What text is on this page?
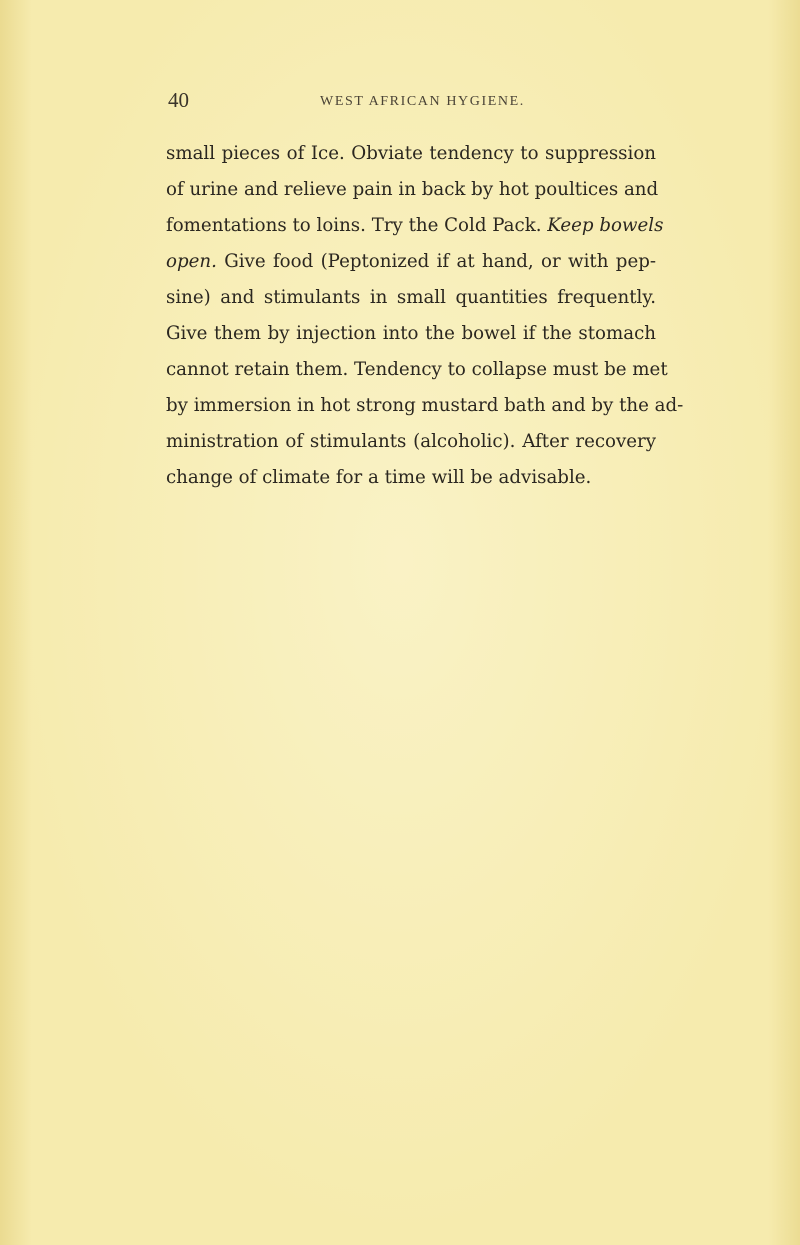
40	WEST AFRICAN HYGIENE.
small pieces of Ice. Obviate tendency to suppression
of urine and relieve pain in back by hot poultices and
fomentations to loins. Try the Cold Pack. Keep bowels
open. Give food (Peptonized if at hand, or with pep-
sine) and stimulants in small quantities frequently.
Give them by injection into the bowel if the stomach
cannot retain them. Tendency to collapse must be met
by immersion in hot strong mustard bath and by the ad-
ministration of stimulants (alcoholic). After recovery
change of climate for a time will be advisable.
